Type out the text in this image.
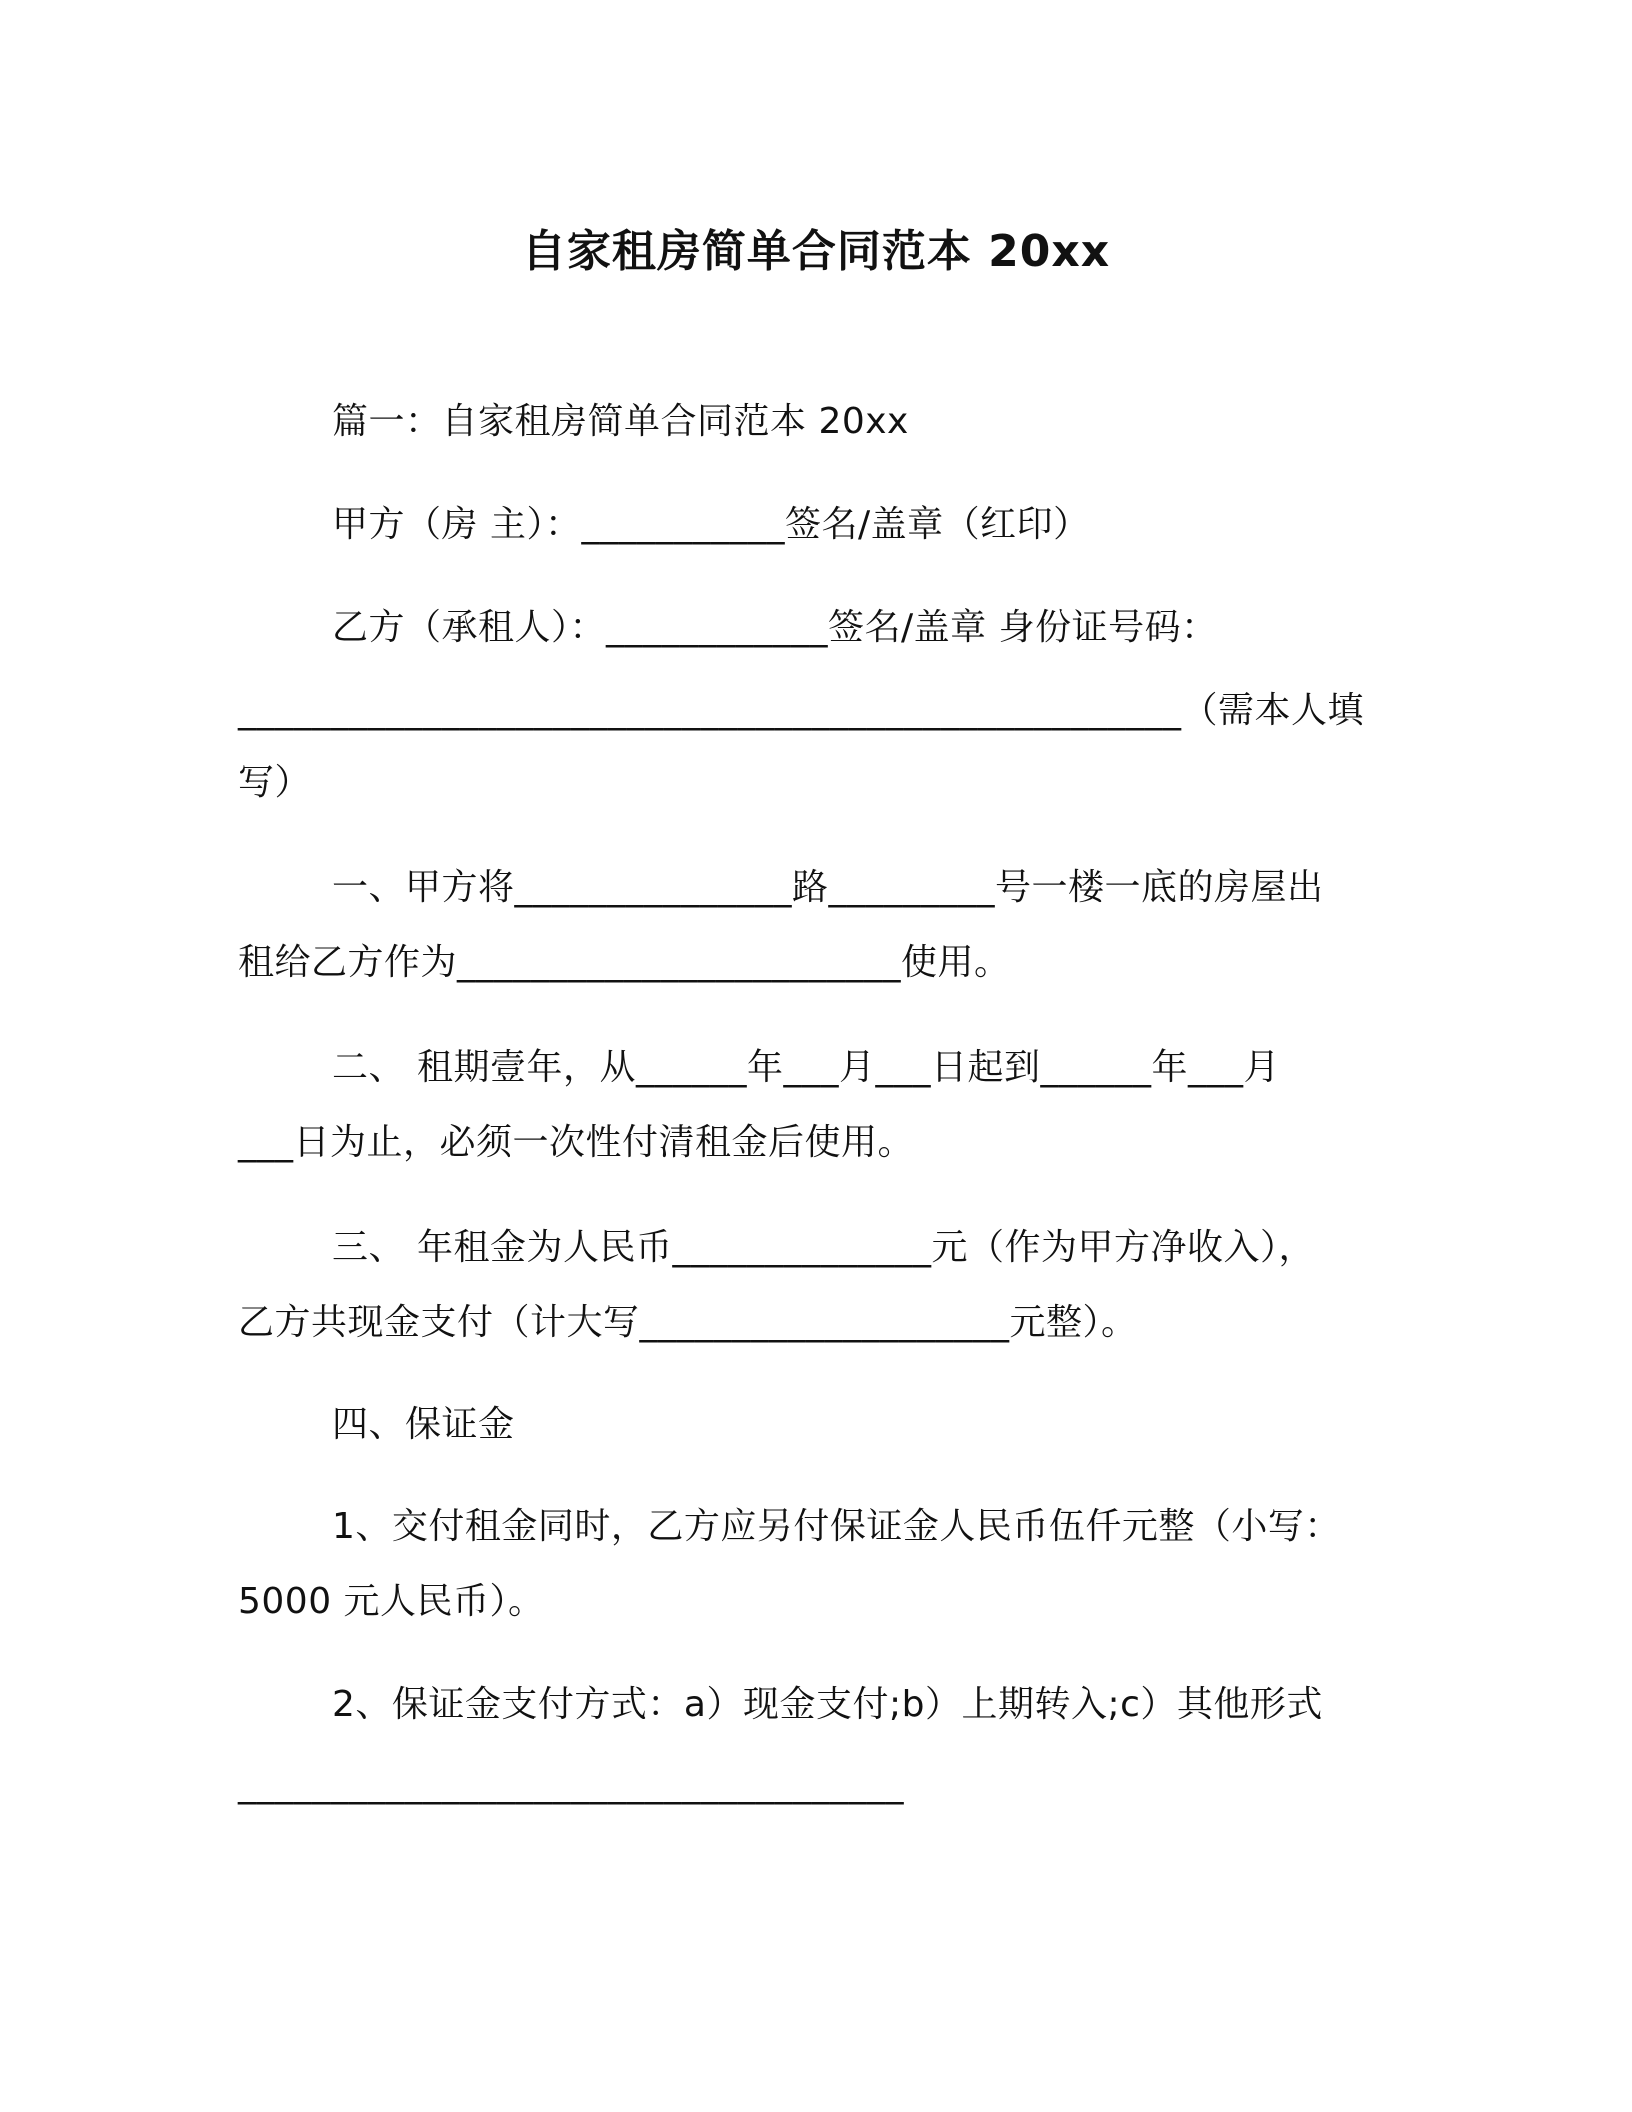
自家租房简单合同范本 20xx
篇一：自家租房简单合同范本 20xx
甲方（房 主）：___________签名/盖章（红印）
乙方（承租人）：____________签名/盖章 身份证号码：
___________________________________________________（需本人填
写）
一、甲方将_______________路_________号一楼一底的房屋出
租给乙方作为________________________使用。
二、 租期壹年，从______年___月___日起到______年___月
___日为止，必须一次性付清租金后使用。
三、 年租金为人民币______________元（作为甲方净收入），
乙方共现金支付（计大写____________________元整）。
四、保证金
1、交付租金同时，乙方应另付保证金人民币伍仟元整（小写：
5000 元人民币）。
2、保证金支付方式：a）现金支付;b）上期转入;c）其他形式
____________________________________
